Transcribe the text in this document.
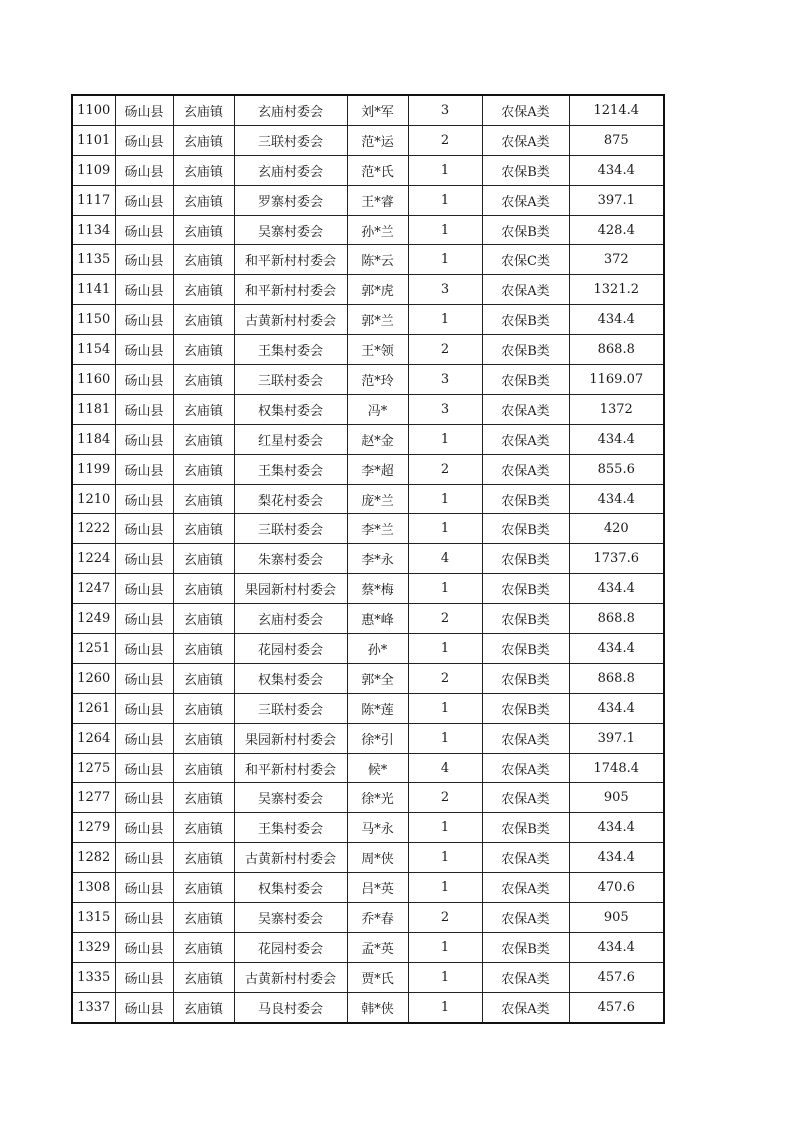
1100	砀山县	玄庙镇	玄庙村委会	刘*军	3	农保A类	1214.4
1101	砀山县	玄庙镇	三联村委会	范*运	2	农保A类	875
1109	砀山县	玄庙镇	玄庙村委会	范*氏	1	农保B类	434.4
1117	砀山县	玄庙镇	罗寨村委会	王*睿	1	农保A类	397.1
1134	砀山县	玄庙镇	吴寨村委会	孙*兰	1	农保B类	428.4
1135	砀山县	玄庙镇	和平新村村委会	陈*云	1	农保C类	372
1141	砀山县	玄庙镇	和平新村村委会	郭*虎	3	农保A类	1321.2
1150	砀山县	玄庙镇	古黄新村村委会	郭*兰	1	农保B类	434.4
1154	砀山县	玄庙镇	王集村委会	王*领	2	农保B类	868.8
1160	砀山县	玄庙镇	三联村委会	范*玲	3	农保B类	1169.07
1181	砀山县	玄庙镇	权集村委会	冯*	3	农保A类	1372
1184	砀山县	玄庙镇	红星村委会	赵*金	1	农保A类	434.4
1199	砀山县	玄庙镇	王集村委会	李*超	2	农保A类	855.6
1210	砀山县	玄庙镇	梨花村委会	庞*兰	1	农保B类	434.4
1222	砀山县	玄庙镇	三联村委会	李*兰	1	农保B类	420
1224	砀山县	玄庙镇	朱寨村委会	李*永	4	农保B类	1737.6
1247	砀山县	玄庙镇	果园新村村委会	蔡*梅	1	农保B类	434.4
1249	砀山县	玄庙镇	玄庙村委会	惠*峰	2	农保B类	868.8
1251	砀山县	玄庙镇	花园村委会	孙*	1	农保B类	434.4
1260	砀山县	玄庙镇	权集村委会	郭*全	2	农保B类	868.8
1261	砀山县	玄庙镇	三联村委会	陈*莲	1	农保B类	434.4
1264	砀山县	玄庙镇	果园新村村委会	徐*引	1	农保A类	397.1
1275	砀山县	玄庙镇	和平新村村委会	候*	4	农保A类	1748.4
1277	砀山县	玄庙镇	吴寨村委会	徐*光	2	农保A类	905
1279	砀山县	玄庙镇	王集村委会	马*永	1	农保B类	434.4
1282	砀山县	玄庙镇	古黄新村村委会	周*侠	1	农保A类	434.4
1308	砀山县	玄庙镇	权集村委会	吕*英	1	农保A类	470.6
1315	砀山县	玄庙镇	吴寨村委会	乔*春	2	农保A类	905
1329	砀山县	玄庙镇	花园村委会	孟*英	1	农保B类	434.4
1335	砀山县	玄庙镇	古黄新村村委会	贾*氏	1	农保A类	457.6
1337	砀山县	玄庙镇	马良村委会	韩*侠	1	农保A类	457.6
